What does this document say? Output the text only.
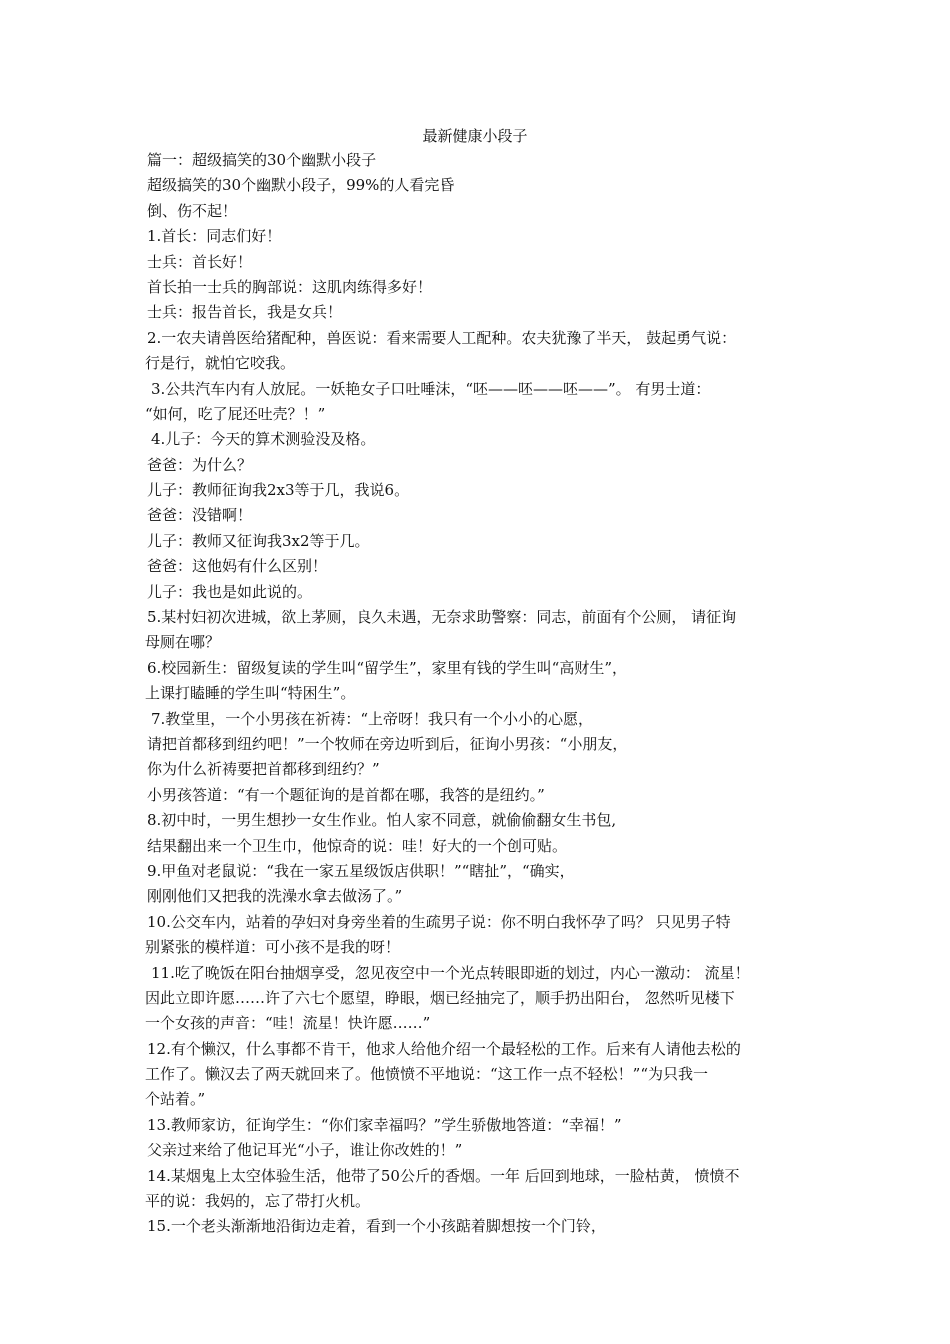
最新健康小段子
篇一：超级搞笑的30个幽默小段子
超级搞笑的30个幽默小段子，99%的人看完昏
倒、伤不起！
1.首长：同志们好！
士兵：首长好！
首长拍一士兵的胸部说：这肌肉练得多好！
士兵：报告首长，我是女兵！
2.一农夫请兽医给猪配种，兽医说：看来需要人工配种。农夫犹豫了半天， 鼓起勇气说：
行是行，就怕它咬我。
3.公共汽车内有人放屁。一妖艳女子口吐唾沫，“呸——呸——呸——”。 有男士道：
“如何，吃了屁还吐壳？！”
4.儿子：今天的算术测验没及格。
爸爸：为什么？
儿子：教师征询我2x3等于几，我说6。
爸爸：没错啊！
儿子：教师又征询我3x2等于几。
爸爸：这他妈有什么区别！
儿子：我也是如此说的。
5.某村妇初次进城，欲上茅厕，良久未遇，无奈求助警察：同志，前面有个公厕， 请征询
母厕在哪？
6.校园新生：留级复读的学生叫“留学生”，家里有钱的学生叫“高财生”，
上课打瞌睡的学生叫“特困生”。
7.教堂里，一个小男孩在祈祷：“上帝呀！我只有一个小小的心愿，
请把首都移到纽约吧！”一个牧师在旁边听到后，征询小男孩：“小朋友，
你为什么祈祷要把首都移到纽约？”
小男孩答道：“有一个题征询的是首都在哪，我答的是纽约。”
8.初中时，一男生想抄一女生作业。怕人家不同意，就偷偷翻女生书包,
结果翻出来一个卫生巾，他惊奇的说：哇！好大的一个创可贴。
9.甲鱼对老鼠说：“我在一家五星级饭店供职！”“瞎扯”，“确实，
刚刚他们又把我的洗澡水拿去做汤了。”
10.公交车内，站着的孕妇对身旁坐着的生疏男子说：你不明白我怀孕了吗？ 只见男子特
别紧张的模样道：可小孩不是我的呀！
11.吃了晚饭在阳台抽烟享受，忽见夜空中一个光点转眼即逝的划过，内心一激动： 流星！
因此立即许愿……许了六七个愿望，睁眼，烟已经抽完了，顺手扔出阳台， 忽然听见楼下
一个女孩的声音：“哇！流星！快许愿……”
12.有个懒汉，什么事都不肯干，他求人给他介绍一个最轻松的工作。后来有人请他去松的
工作了。懒汉去了两天就回来了。他愤愤不平地说：“这工作一点不轻松！”“为只我一
个站着。”
13.教师家访，征询学生：“你们家幸福吗？”学生骄傲地答道：“幸福！”
父亲过来给了他记耳光“小子，谁让你改姓的！”
14.某烟鬼上太空体验生活，他带了50公斤的香烟。一年 后回到地球，一脸枯黄， 愤愤不
平的说：我妈的，忘了带打火机。
15.一个老头渐渐地沿街边走着，看到一个小孩踮着脚想按一个门铃，
